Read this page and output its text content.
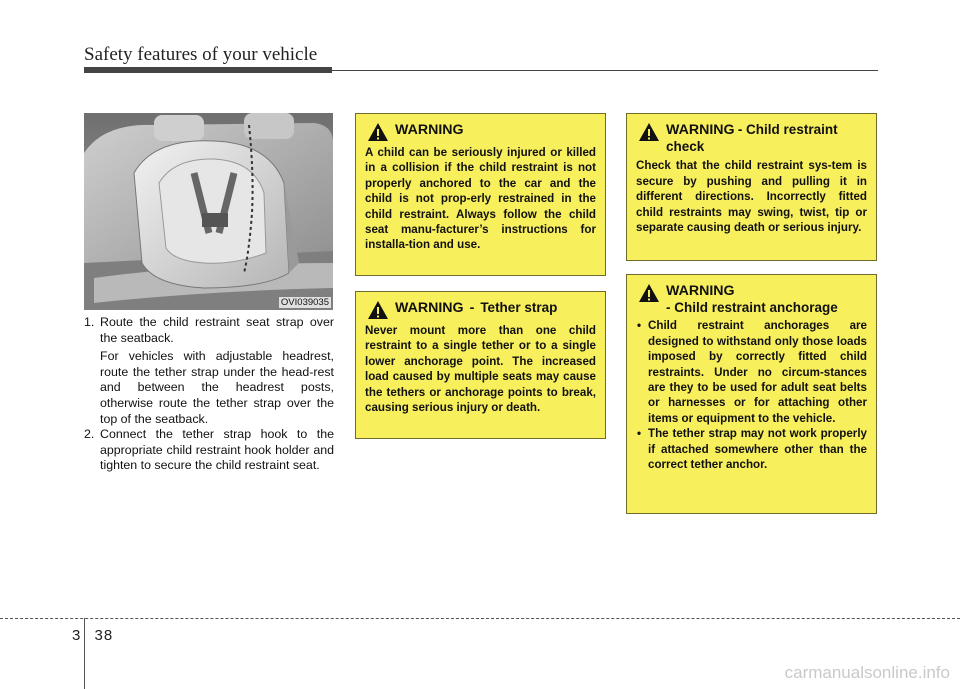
Safety features of your vehicle
OVI039035
1. Route the child restraint seat strap over the seatback.
For vehicles with adjustable headrest, route the tether strap under the head-rest and between the headrest posts, otherwise route the tether strap over the top of the seatback.
2. Connect the tether strap hook to the appropriate child restraint hook holder and tighten to secure the child restraint seat.
WARNING
A child can be seriously injured or killed in a collision if the child restraint is not properly anchored to the car and the child is not prop-erly restrained in the child restraint. Always follow the child seat manu-facturer’s instructions for installa-tion and use.
WARNING - Tether strap
Never mount more than one child restraint to a single tether or to a single lower anchorage point. The increased load caused by multiple seats may cause the tethers or anchorage points to break, causing serious injury or death.
WARNING - Child restraint check
Check that the child restraint sys-tem is secure by pushing and pulling it in different directions. Incorrectly fitted child restraints may swing, twist, tip or separate causing death or serious injury.
WARNING
- Child restraint anchorage
• Child restraint anchorages are designed to withstand only those loads imposed by correctly fitted child restraints. Under no circum-stances are they to be used for adult seat belts or harnesses or for attaching other items or equipment to the vehicle.
• The tether strap may not work properly if attached somewhere other than the correct tether anchor.
3 38
carmanualsonline.info
